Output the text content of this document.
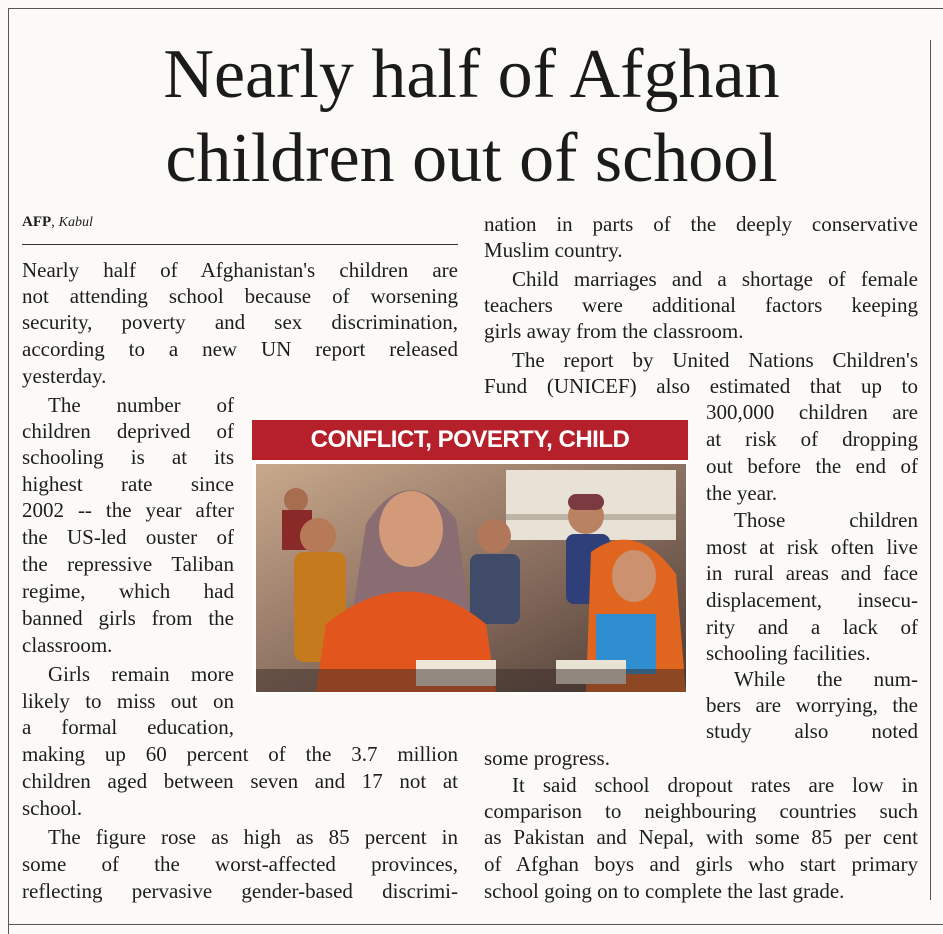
Nearly half of Afghan
children out of school

AFP, Kabul

Nearly half of Afghanistan's children are

not attending school because of worsening

security, poverty and sex discrimination,

according to a new UN report released

yesterday.

The number of

children deprived of

schooling is at its

highest rate since

2002 -- the year after

the US-led ouster of

the repressive Taliban

regime, which had

banned girls from the

classroom.

Girls remain more

likely to miss out on

a formal education,

making up 60 percent of the 3.7 million

children aged between seven and 17 not at

school.

The figure rose as high as 85 percent in

some of the worst-affected provinces,

reflecting pervasive gender-based discrimi-

nation in parts of the deeply conservative

Muslim country.

Child marriages and a shortage of female

teachers were additional factors keeping

girls away from the classroom.

The report by United Nations Children's

Fund (UNICEF) also estimated that up to

300,000 children are

at risk of dropping

out before the end of

the year.

Those children

most at risk often live

in rural areas and face

displacement, insecu-

rity and a lack of

schooling facilities.

While the num-

bers are worrying, the

study also noted

some progress.

It said school dropout rates are low in

comparison to neighbouring countries such

as Pakistan and Nepal, with some 85 per cent

of Afghan boys and girls who start primary

school going on to complete the last grade.

CONFLICT, POVERTY, CHILD
